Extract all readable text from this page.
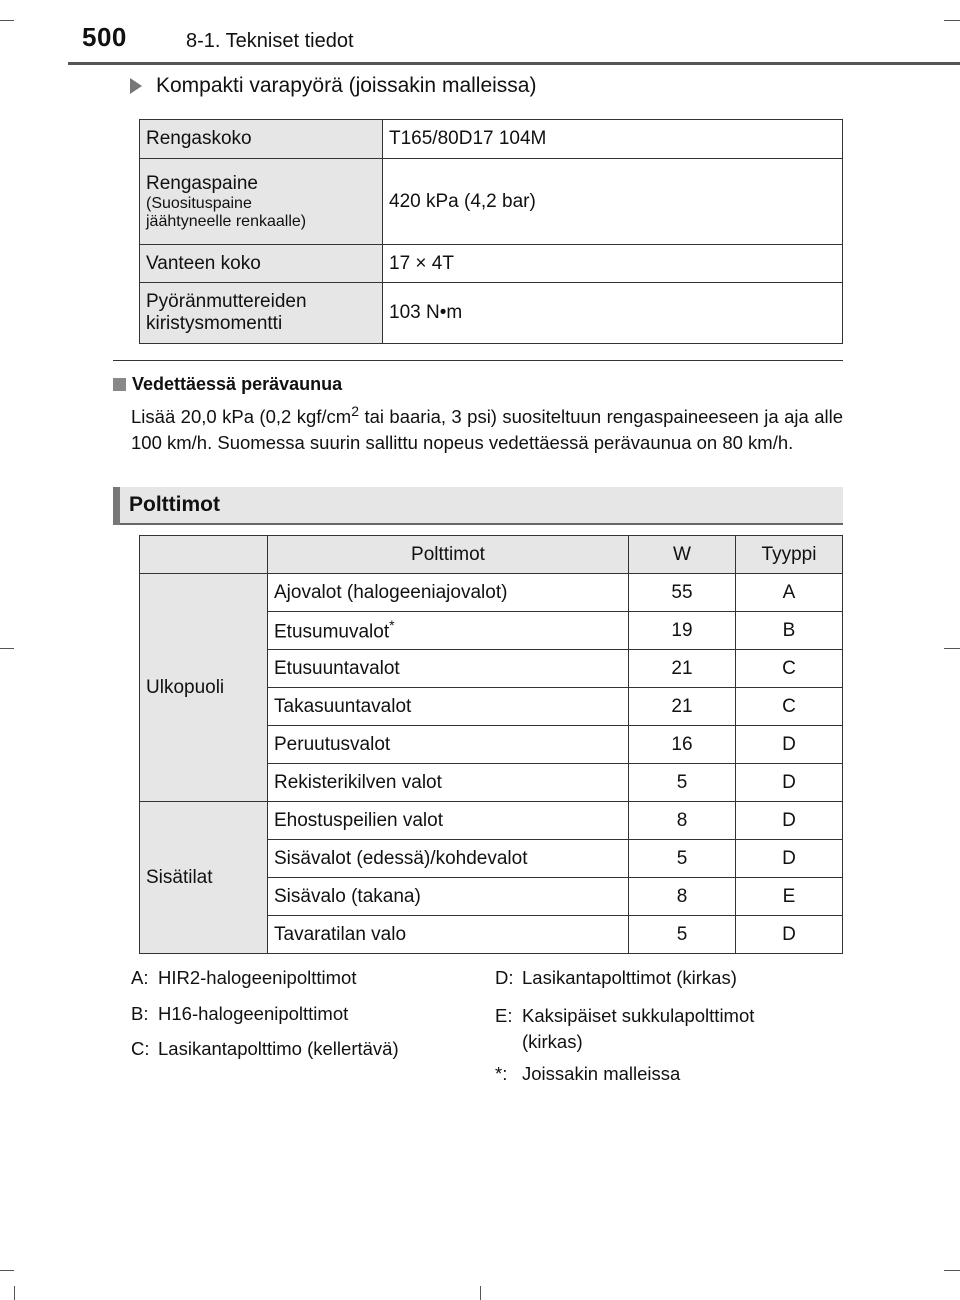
500	8-1. Tekniset tiedot
Kompakti varapyörä (joissakin malleissa)
Rengaskoko	T165/80D17 104M

Rengaspaine
(Suosituspaine
jäähtyneelle renkaalle)	420 kPa (4,2 bar)
Vanteen koko	17 × 4T

Pyöränmuttereiden
kiristysmomentti	103 N•m
Vedettäessä perävaunua
Lisää 20,0 kPa (0,2 kgf/$cm^2$ tai baaria, 3 psi) suositeltuun rengaspaineeseen ja aja alle 100 km/h. Suomessa suurin sallittu nopeus vedettäessä perävaunua on 80 km/h.
Polttimot
	Polttimot	W	Tyyppi
Ulkopuoli	Ajovalot (halogeeniajovalot)	55	A
	Etusumuvalot*	19	B
	Etusuuntavalot	21	C
	Takasuuntavalot	21	C
	Peruutusvalot	16	D
	Rekisterikilven valot	5	D
Sisätilat	Ehostuspeilien valot	8	D
	Sisävalot (edessä)/kohdevalot	5	D
	Sisävalo (takana)	8	E
	Tavaratilan valo	5	D
A: HIR2-halogeenipolttimot
B: H16-halogeenipolttimot
C: Lasikantapolttimo (kellertävä)
D: Lasikantapolttimot (kirkas)
E: Kaksipäiset sukkulapolttimot (kirkas)
*: Joissakin malleissa
